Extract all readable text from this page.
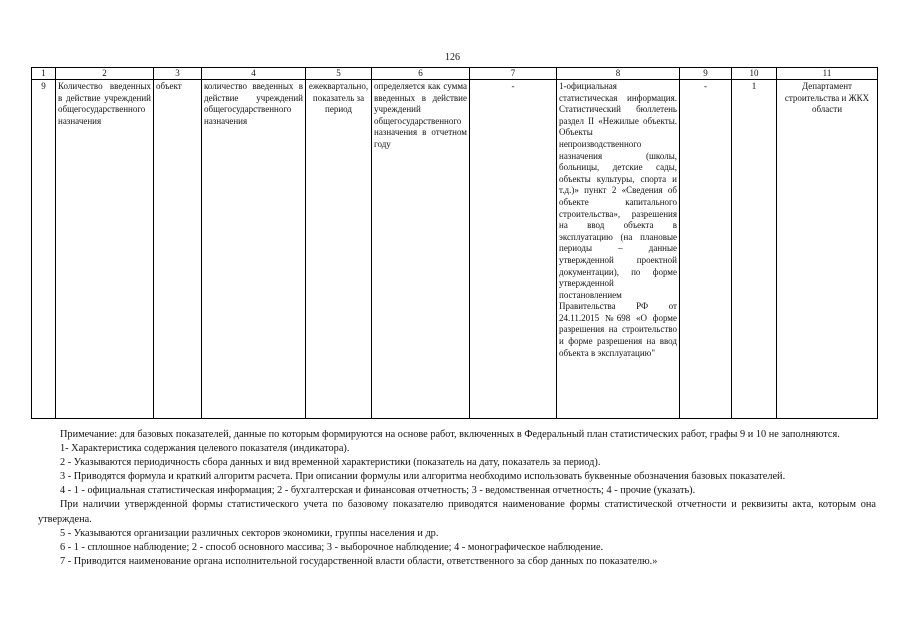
126
1	2	3	4	5	6	7	8	9	10	11
9	Количество введенных в действие учреждений общегосударственного назначения	объект	количество введенных в действие учреждений общегосударственного назначения	ежеквартально, показатель за период	определяется как сумма введенных в действие учреждений общегосударственного назначения в отчетном году	-	1-официальная статистическая информация. Статистический бюллетень раздел II «Нежилые объекты. Объекты непроизводственного назначения (школы, больницы, детские сады, объекты культуры, спорта и т.д.)» пункт 2 «Сведения об объекте капитального строительства», разрешения на ввод объекта в эксплуатацию (на плановые периоды – данные утвержденной проектной документации), по форме утвержденной постановлением Правительства РФ от 24.11.2015 №698 «О форме разрешения на строительство и форме разрешения на ввод объекта в эксплуатацию"	-	1	Департамент строительства и ЖКХ области

Примечание: для базовых показателей, данные по которым формируются на основе работ, включенных в Федеральный план статистических работ, графы 9 и 10 не заполняются.

1- Характеристика содержания целевого показателя (индикатора).

2 - Указываются периодичность сбора данных и вид временной характеристики (показатель на дату, показатель за период).

3 - Приводятся формула и краткий алгоритм расчета. При описании формулы или алгоритма необходимо использовать буквенные обозначения базовых показателей.

4 - 1 - официальная статистическая информация; 2 - бухгалтерская и финансовая отчетность; 3 - ведомственная отчетность; 4 - прочие (указать).

При наличии утвержденной формы статистического учета по базовому показателю приводятся наименование формы статистической отчетности и реквизиты акта, которым она утверждена.

5 - Указываются организации различных секторов экономики, группы населения и др.

6 - 1 - сплошное наблюдение; 2 - способ основного массива; 3 - выборочное наблюдение; 4 - монографическое наблюдение.

7 - Приводится наименование органа исполнительной государственной власти области, ответственного за сбор данных по показателю.»
